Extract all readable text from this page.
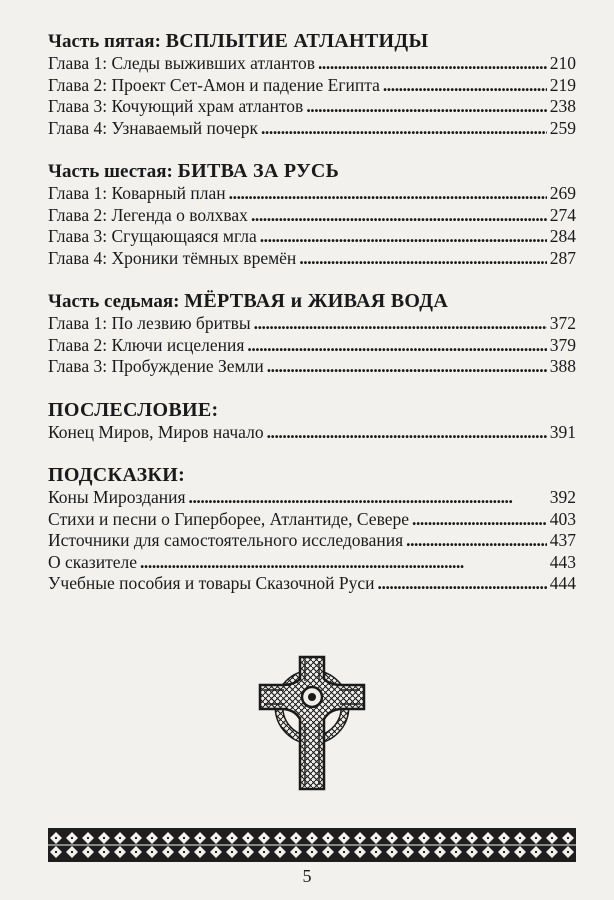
Часть пятая: ВСПЛЫТИЕ АТЛАНТИДЫ
Глава 1: Следы выживших атлантов . . .	210
Глава 2: Проект Сет-Амон и падение Египта . . .	219
Глава 3: Кочующий храм атлантов . . .	238
Глава 4: Узнаваемый почерк . . .	259
Часть шестая: БИТВА ЗА РУСЬ
Глава 1: Коварный план . . .	269
Глава 2: Легенда о волхвах . . .	274
Глава 3: Сгущающаяся мгла . . .	284
Глава 4: Хроники тёмных времён . . .	287
Часть седьмая: МЁРТВАЯ и ЖИВАЯ ВОДА
Глава 1: По лезвию бритвы . . .	372
Глава 2: Ключи исцеления . . .	379
Глава 3: Пробуждение Земли . . .	388
ПОСЛЕСЛОВИЕ:
Конец Миров, Миров начало . . .	391
ПОДСКАЗКИ:
Коны Мироздания . . .	392
Стихи и песни о Гиперборее, Атлантиде, Севере . . .	403
Источники для самостоятельного исследования . . .	437
О сказителе . . .	443
Учебные пособия и товары Сказочной Руси . . .	444
5
